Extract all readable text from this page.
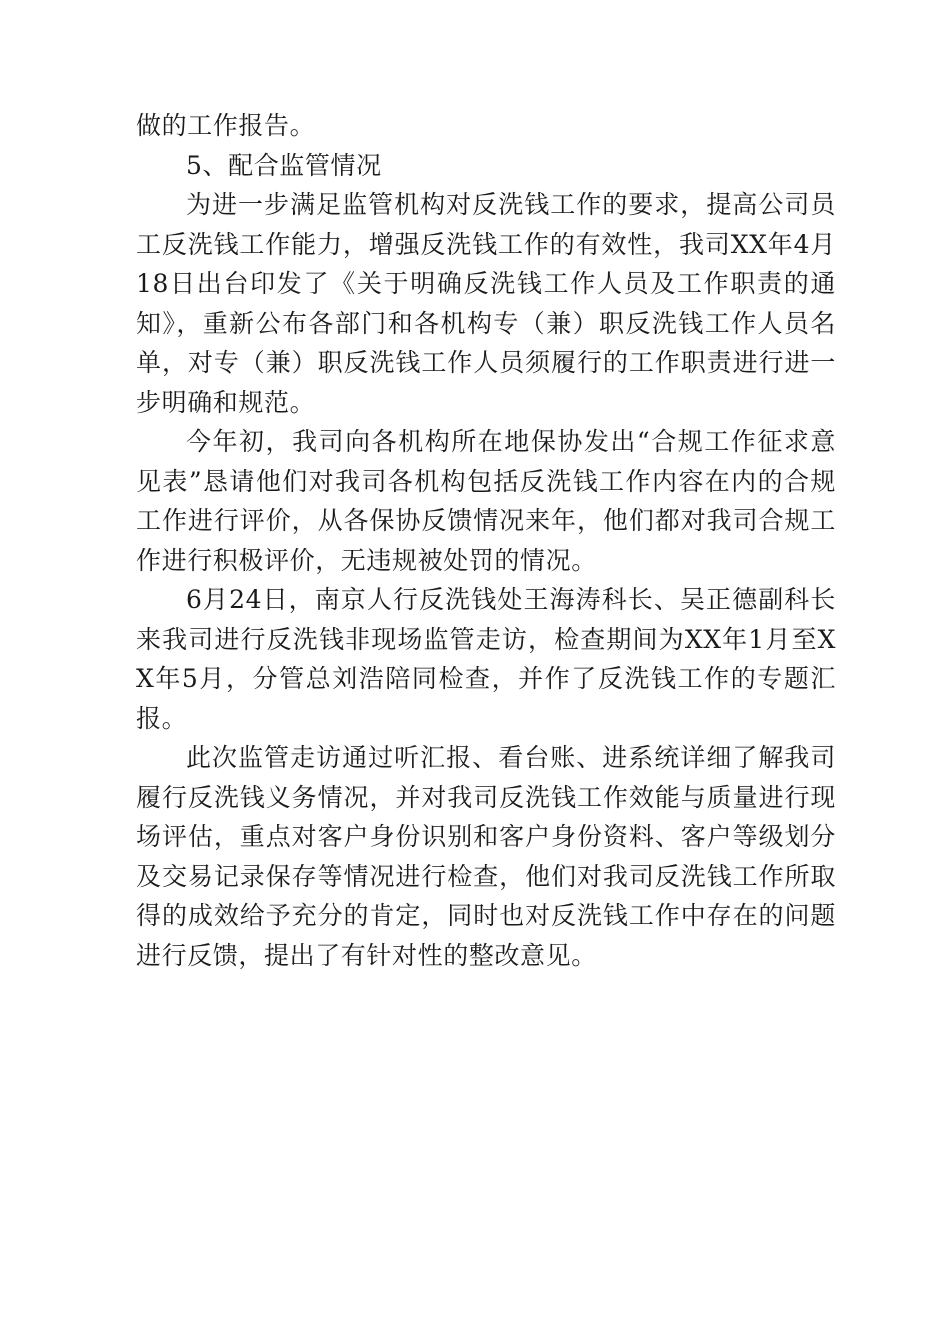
做的工作报告。

5、配合监管情况

为进一步满足监管机构对反洗钱工作的要求，提高公司员工反洗钱工作能力，增强反洗钱工作的有效性，我司XX年4月18日出台印发了《关于明确反洗钱工作人员及工作职责的通知》，重新公布各部门和各机构专（兼）职反洗钱工作人员名单，对专（兼）职反洗钱工作人员须履行的工作职责进行进一步明确和规范。

今年初，我司向各机构所在地保协发出“合规工作征求意见表”恳请他们对我司各机构包括反洗钱工作内容在内的合规工作进行评价，从各保协反馈情况来年，他们都对我司合规工作进行积极评价，无违规被处罚的情况。

6月24日，南京人行反洗钱处王海涛科长、吴正德副科长来我司进行反洗钱非现场监管走访，检查期间为XX年1月至XX年5月，分管总刘浩陪同检查，并作了反洗钱工作的专题汇报。

此次监管走访通过听汇报、看台账、进系统详细了解我司履行反洗钱义务情况，并对我司反洗钱工作效能与质量进行现场评估，重点对客户身份识别和客户身份资料、客户等级划分及交易记录保存等情况进行检查，他们对我司反洗钱工作所取得的成效给予充分的肯定，同时也对反洗钱工作中存在的问题进行反馈，提出了有针对性的整改意见。
